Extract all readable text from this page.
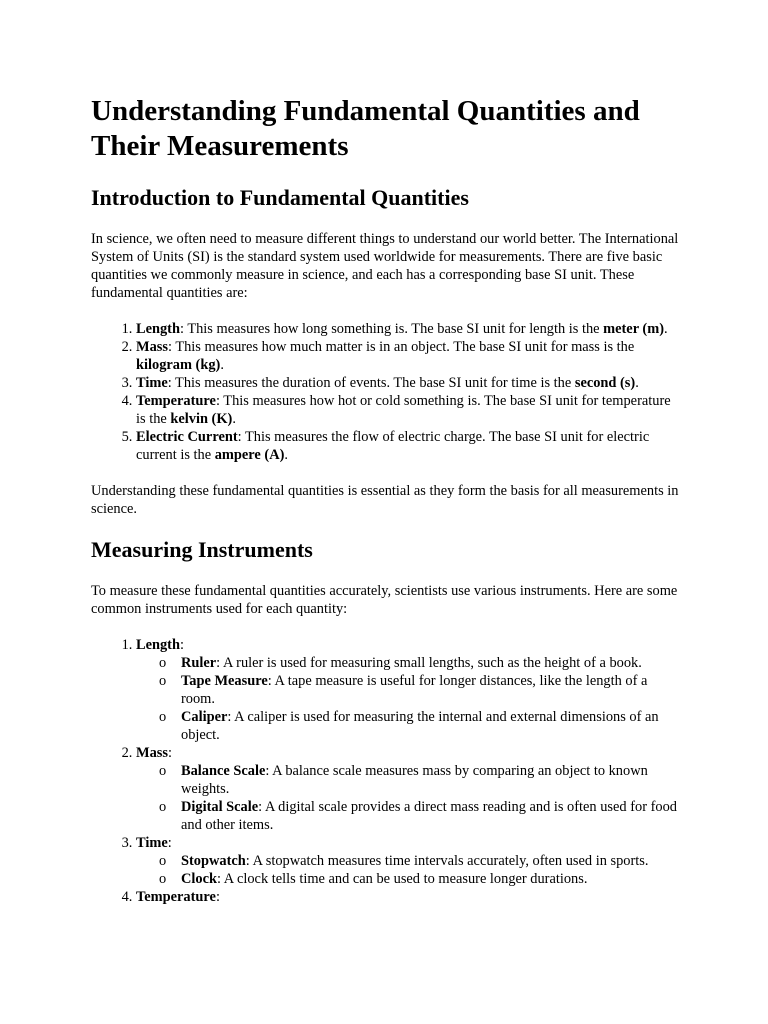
Understanding Fundamental Quantities and Their Measurements
Introduction to Fundamental Quantities

In science, we often need to measure different things to understand our world better. The International System of Units (SI) is the standard system used worldwide for measurements. There are five basic quantities we commonly measure in science, and each has a corresponding base SI unit. These fundamental quantities are:

1. Length: This measures how long something is. The base SI unit for length is the meter (m).
2. Mass: This measures how much matter is in an object. The base SI unit for mass is the kilogram (kg).
3. Time: This measures the duration of events. The base SI unit for time is the second (s).
4. Temperature: This measures how hot or cold something is. The base SI unit for temperature is the kelvin (K).
5. Electric Current: This measures the flow of electric charge. The base SI unit for electric current is the ampere (A).

Understanding these fundamental quantities is essential as they form the basis for all measurements in science.

Measuring Instruments

To measure these fundamental quantities accurately, scientists use various instruments. Here are some common instruments used for each quantity:

1. Length:
o Ruler: A ruler is used for measuring small lengths, such as the height of a book.
o Tape Measure: A tape measure is useful for longer distances, like the length of a room.
o Caliper: A caliper is used for measuring the internal and external dimensions of an object.
2. Mass:
o Balance Scale: A balance scale measures mass by comparing an object to known weights.
o Digital Scale: A digital scale provides a direct mass reading and is often used for food and other items.
3. Time:
o Stopwatch: A stopwatch measures time intervals accurately, often used in sports.
o Clock: A clock tells time and can be used to measure longer durations.
4. Temperature:
